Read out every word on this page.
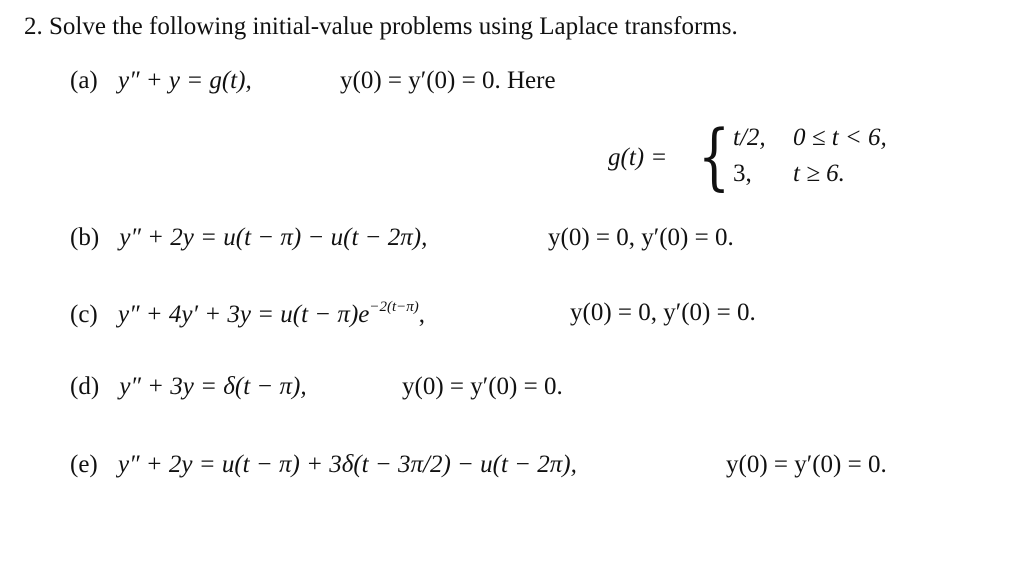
2. Solve the following initial-value problems using Laplace transforms.
(a) y″ + y = g(t),	y(0) = y′(0) = 0. Here
g(t) = { t/2, 0 ≤ t < 6,
3, t ≥ 6.
(b) y″ + 2y = u(t − π) − u(t − 2π),	y(0) = 0, y′(0) = 0.
(c) $y'' + 4y' + 3y = u(t - \pi)e^{-2(t-\pi)}$,	y(0) = 0, y′(0) = 0.
(d) y″ + 3y = δ(t − π),	y(0) = y′(0) = 0.
(e) y″ + 2y = u(t − π) + 3δ(t − 3π/2) − u(t − 2π),	y(0) = y′(0) = 0.
